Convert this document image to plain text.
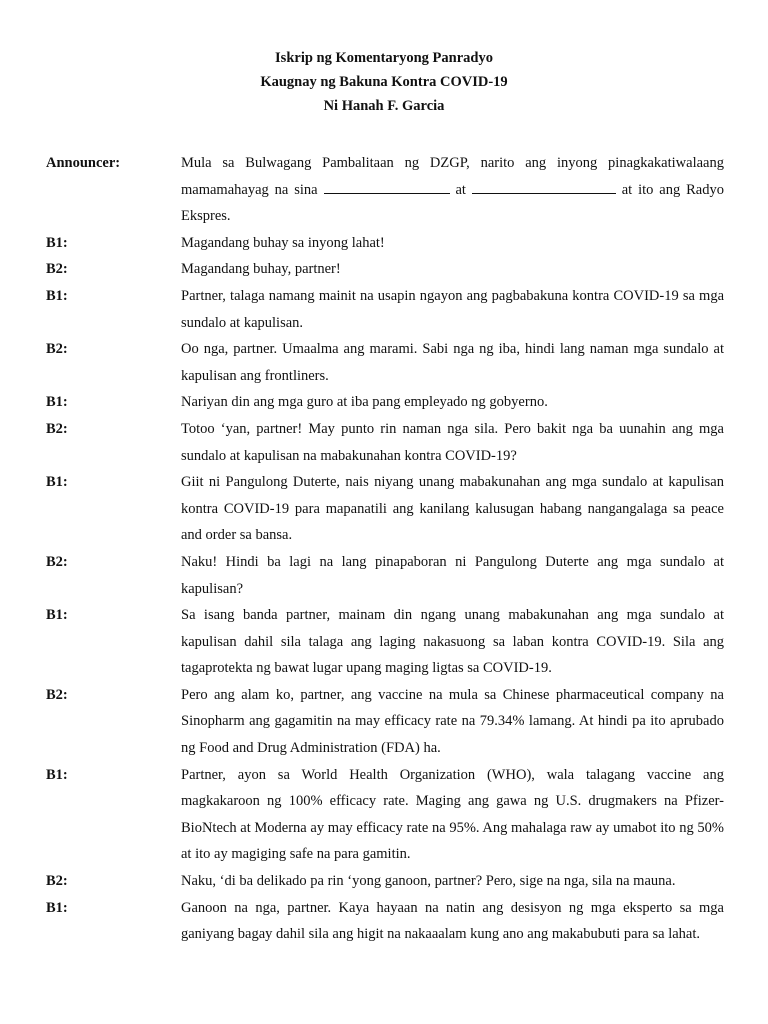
Iskrip ng Komentaryong Panradyo
Kaugnay ng Bakuna Kontra COVID-19
Ni Hanah F. Garcia
Announcer:	Mula sa Bulwagang Pambalitaan ng DZGP, narito ang inyong pinagkakatiwalaang mamamahayag na sina	at	at ito ang Radyo Ekspres.
B1:	Magandang buhay sa inyong lahat!
B2:	Magandang buhay, partner!
B1:	Partner, talaga namang mainit na usapin ngayon ang pagbabakuna kontra COVID-19 sa mga sundalo at kapulisan.
B2:	Oo nga, partner. Umaalma ang marami. Sabi nga ng iba, hindi lang naman mga sundalo at kapulisan ang frontliners.
B1:	Nariyan din ang mga guro at iba pang empleyado ng gobyerno.
B2:	Totoo ‘yan, partner! May punto rin naman nga sila. Pero bakit nga ba uunahin ang mga sundalo at kapulisan na mabakunahan kontra COVID-19?
B1:	Giit ni Pangulong Duterte, nais niyang unang mabakunahan ang mga sundalo at kapulisan kontra COVID-19 para mapanatili ang kanilang kalusugan habang nangangalaga sa peace and order sa bansa.
B2:	Naku! Hindi ba lagi na lang pinapaboran ni Pangulong Duterte ang mga sundalo at kapulisan?
B1:	Sa isang banda partner, mainam din ngang unang mabakunahan ang mga sundalo at kapulisan dahil sila talaga ang laging nakasuong sa laban kontra COVID-19. Sila ang tagaprotekta ng bawat lugar upang maging ligtas sa COVID-19.
B2:	Pero ang alam ko, partner, ang vaccine na mula sa Chinese pharmaceutical company na Sinopharm ang gagamitin na may efficacy rate na 79.34% lamang. At hindi pa ito aprubado ng Food and Drug Administration (FDA) ha.
B1:	Partner, ayon sa World Health Organization (WHO), wala talagang vaccine ang magkakaroon ng 100% efficacy rate. Maging ang gawa ng U.S. drugmakers na Pfizer-BioNtech at Moderna ay may efficacy rate na 95%. Ang mahalaga raw ay umabot ito ng 50% at ito ay magiging safe na para gamitin.
B2:	Naku, ‘di ba delikado pa rin ‘yong ganoon, partner? Pero, sige na nga, sila na mauna.
B1:	Ganoon na nga, partner. Kaya hayaan na natin ang desisyon ng mga eksperto sa mga ganiyang bagay dahil sila ang higit na nakaaalam kung ano ang makabubuti para sa lahat.
